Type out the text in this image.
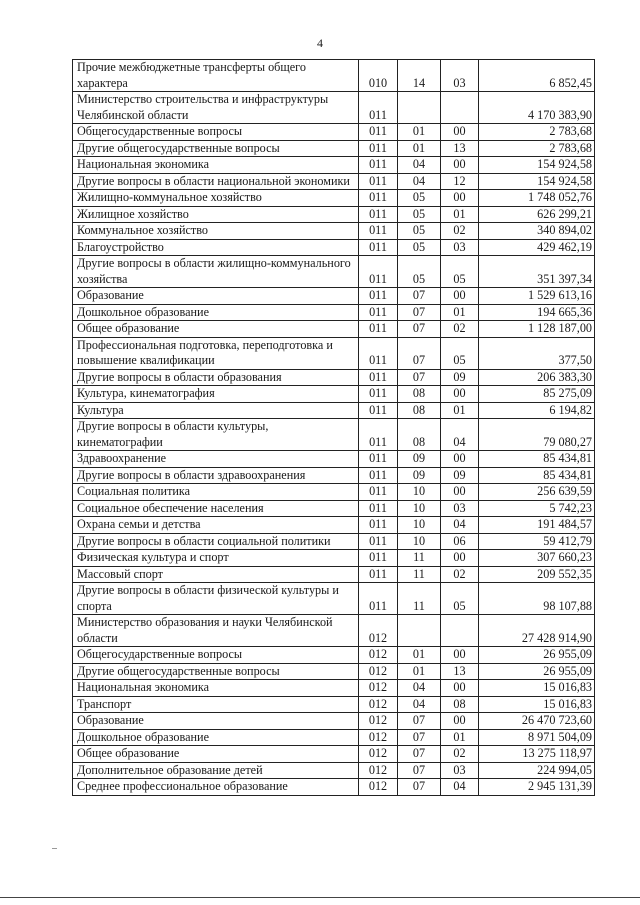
4
Прочие межбюджетные трансферты общего характера	010	14	03	6 852,45
Министерство строительства и инфраструктуры Челябинской области	011			4 170 383,90
Общегосударственные вопросы	011	01	00	2 783,68
Другие общегосударственные вопросы	011	01	13	2 783,68
Национальная экономика	011	04	00	154 924,58
Другие вопросы в области национальной экономики	011	04	12	154 924,58
Жилищно-коммунальное хозяйство	011	05	00	1 748 052,76
Жилищное хозяйство	011	05	01	626 299,21
Коммунальное хозяйство	011	05	02	340 894,02
Благоустройство	011	05	03	429 462,19
Другие вопросы в области жилищно-коммунального хозяйства	011	05	05	351 397,34
Образование	011	07	00	1 529 613,16
Дошкольное образование	011	07	01	194 665,36
Общее образование	011	07	02	1 128 187,00
Профессиональная подготовка, переподготовка и повышение квалификации	011	07	05	377,50
Другие вопросы в области образования	011	07	09	206 383,30
Культура, кинематография	011	08	00	85 275,09
Культура	011	08	01	6 194,82
Другие вопросы в области культуры, кинематографии	011	08	04	79 080,27
Здравоохранение	011	09	00	85 434,81
Другие вопросы в области здравоохранения	011	09	09	85 434,81
Социальная политика	011	10	00	256 639,59
Социальное обеспечение населения	011	10	03	5 742,23
Охрана семьи и детства	011	10	04	191 484,57
Другие вопросы в области социальной политики	011	10	06	59 412,79
Физическая культура и спорт	011	11	00	307 660,23
Массовый спорт	011	11	02	209 552,35
Другие вопросы в области физической культуры и спорта	011	11	05	98 107,88
Министерство образования и науки Челябинской области	012			27 428 914,90
Общегосударственные вопросы	012	01	00	26 955,09
Другие общегосударственные вопросы	012	01	13	26 955,09
Национальная экономика	012	04	00	15 016,83
Транспорт	012	04	08	15 016,83
Образование	012	07	00	26 470 723,60
Дошкольное образование	012	07	01	8 971 504,09
Общее образование	012	07	02	13 275 118,97
Дополнительное образование детей	012	07	03	224 994,05
Среднее профессиональное образование	012	07	04	2 945 131,39
